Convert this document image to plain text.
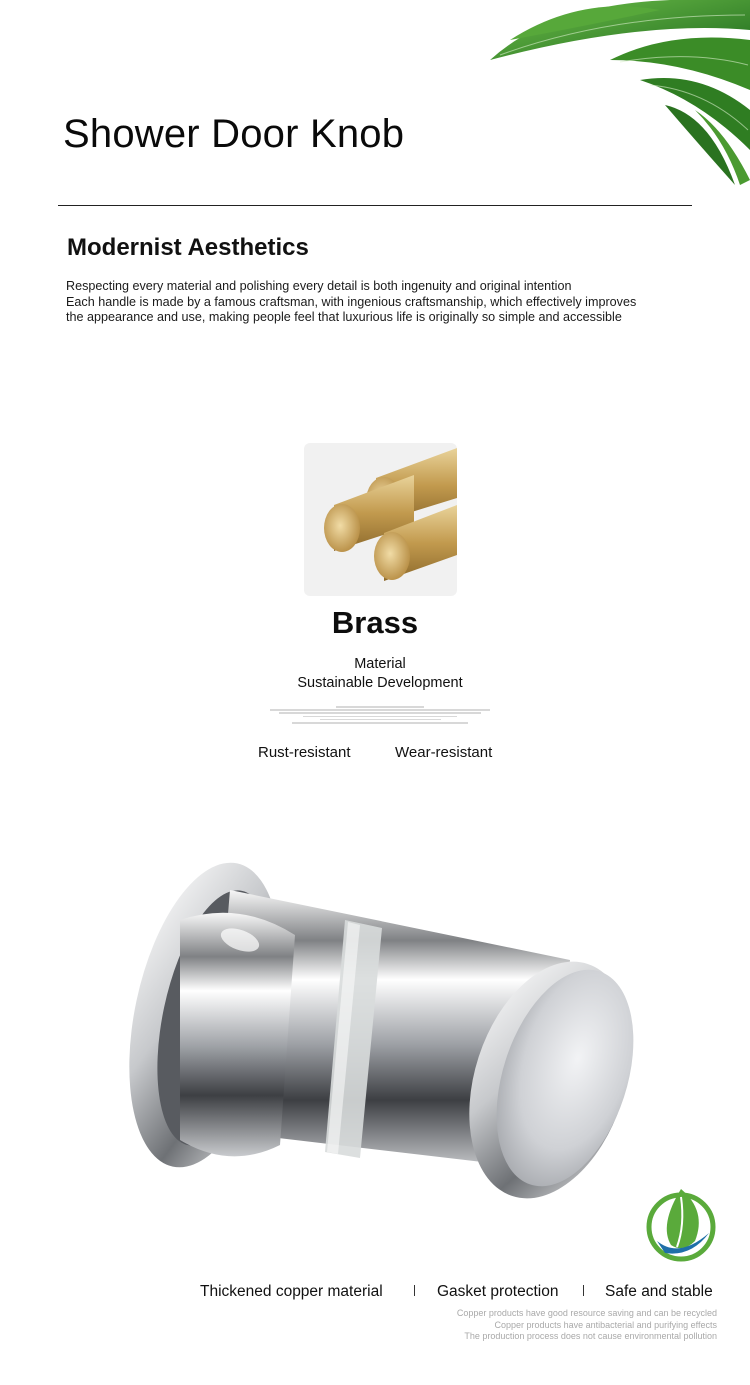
Shower Door Knob
Modernist Aesthetics

Respecting every material and polishing every detail is both ingenuity and original intention

Each handle is made by a famous craftsman, with ingenious craftsmanship, which effectively improves

the appearance and use, making people feel that luxurious life is originally so simple and accessible

Brass
Material
Sustainable Development
Rust-resistant	Wear-resistant
Thickened copper material	Gasket protection	Safe and stable
Copper products have good resource saving and can be recycled
Copper products have antibacterial and purifying effects
The production process does not cause environmental pollution
